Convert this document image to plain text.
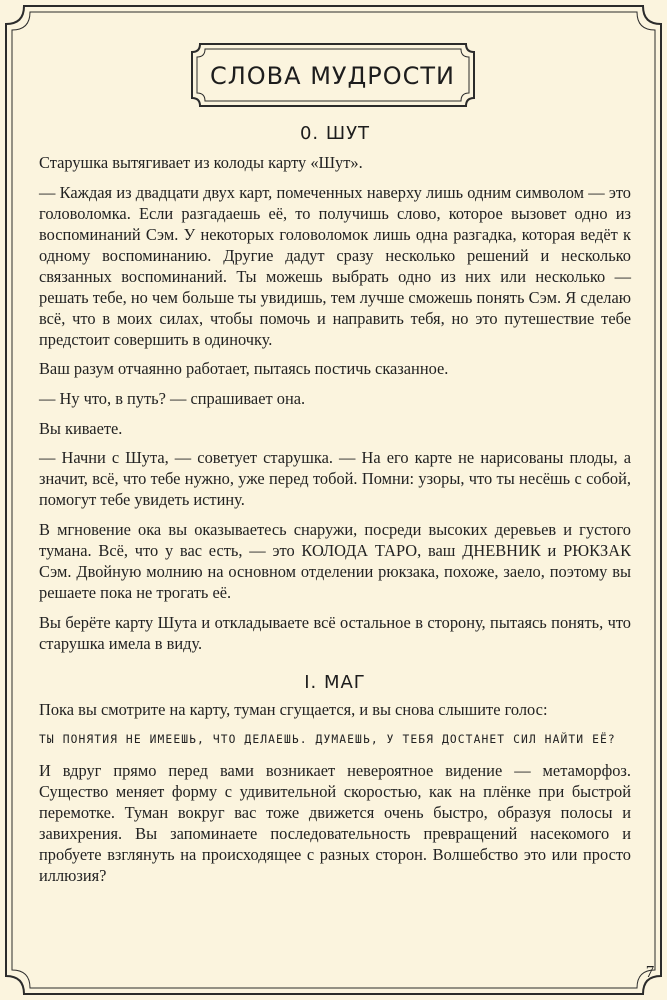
СЛОВА МУДРОСТИ
0. ШУТ

Старушка вытягивает из колоды карту «Шут».

— Каждая из двадцати двух карт, помеченных наверху лишь одним символом — это головоломка. Если разгадаешь её, то получишь слово, которое вызовет одно из воспоминаний Сэм. У некоторых головоломок лишь одна разгадка, которая ведёт к одному воспоминанию. Другие дадут сразу несколько решений и несколько связанных воспоминаний. Ты можешь выбрать одно из них или несколько — решать тебе, но чем больше ты увидишь, тем лучше сможешь понять Сэм. Я сделаю всё, что в моих силах, чтобы помочь и направить тебя, но это путешествие тебе предстоит совершить в одиночку.

Ваш разум отчаянно работает, пытаясь постичь сказанное.

— Ну что, в путь? — спрашивает она.

Вы киваете.

— Начни с Шута, — советует старушка. — На его карте не нарисованы плоды, а значит, всё, что тебе нужно, уже перед тобой. Помни: узоры, что ты несёшь с собой, помогут тебе увидеть истину.

В мгновение ока вы оказываетесь снаружи, посреди высоких деревьев и густого тумана. Всё, что у вас есть, — это КОЛОДА ТАРО, ваш ДНЕВНИК и РЮКЗАК Сэм. Двойную молнию на основном отделении рюкзака, похоже, заело, поэтому вы решаете пока не трогать её.

Вы берёте карту Шута и откладываете всё остальное в сторону, пытаясь понять, что старушка имела в виду.

I. МАГ

Пока вы смотрите на карту, туман сгущается, и вы снова слышите голос:

ТЫ ПОНЯТИЯ НЕ ИМЕЕШЬ, ЧТО ДЕЛАЕШЬ. ДУМАЕШЬ, У ТЕБЯ ДОСТАНЕТ СИЛ НАЙТИ ЕЁ?

И вдруг прямо перед вами возникает невероятное видение — метаморфоз. Существо меняет форму с удивительной скоростью, как на плёнке при быстрой перемотке. Туман вокруг вас тоже движется очень быстро, образуя полосы и завихрения. Вы запоминаете последовательность превращений насекомого и пробуете взглянуть на происходящее с разных сторон. Волшебство это или просто иллюзия?

7
